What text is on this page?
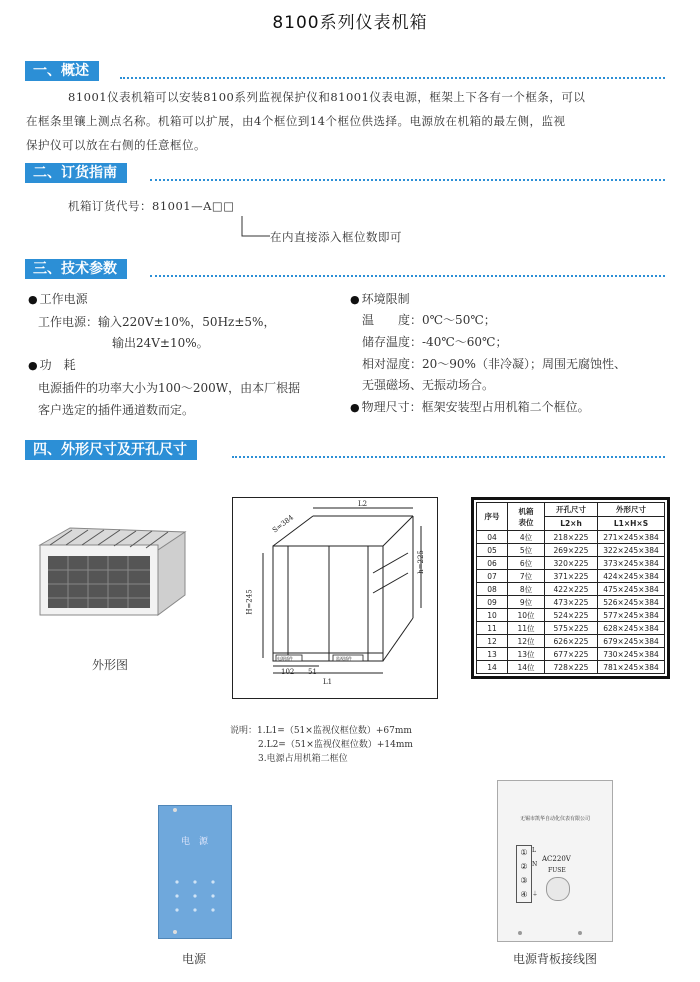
8100系列仪表机箱
一、概述
81001仪表机箱可以安装8100系列监视保护仪和81001仪表电源，框架上下各有一个框条，可以
在框条里镶上测点名称。机箱可以扩展，由4个框位到14个框位供选择。电源放在机箱的最左侧，监视
保护仪可以放在右侧的任意框位。
二、订货指南
机箱订货代号：81001—A□□
在内直接添入框位数即可
三、技术参数
● 工作电源
工作电源：输入220V±10%，50Hz±5%，
输出24V±10%。
● 功　耗
电源插件的功率大小为100～200W，由本厂根据
客户选定的插件通道数而定。
● 环境限制
温　　度：0℃～50℃；
储存温度：-40℃～60℃；
相对湿度：20～90%（非冷凝）；周围无腐蚀性、
无强磁场、无振动场合。
● 物理尺寸：框架安装型占用机箱二个框位。
四、外形尺寸及开孔尺寸
外形图
L2
S=384
H=245
h=225
102 51
L1
电源插件	监视插件
序号	机箱
表位	开孔尺寸	外形尺寸
		L2×h	L1×H×S
04	4位	218×225	271×245×384
05	5位	269×225	322×245×384
06	6位	320×225	373×245×384
07	7位	371×225	424×245×384
08	8位	422×225	475×245×384
09	9位	473×225	526×245×384
10	10位	524×225	577×245×384
11	11位	575×225	628×245×384
12	12位	626×225	679×245×384
13	13位	677×225	730×245×384
14	14位	728×225	781×245×384
说明：1.L1=（51×监视仪框位数）+67mm
2.L2=（51×监视仪框位数）+14mm
3.电源占用机箱二框位
电　源
电源
无锡市凯华自动化仪表有限公司
①
②
③
④
L
N
⏚
AC220V
FUSE
电源背板接线图
